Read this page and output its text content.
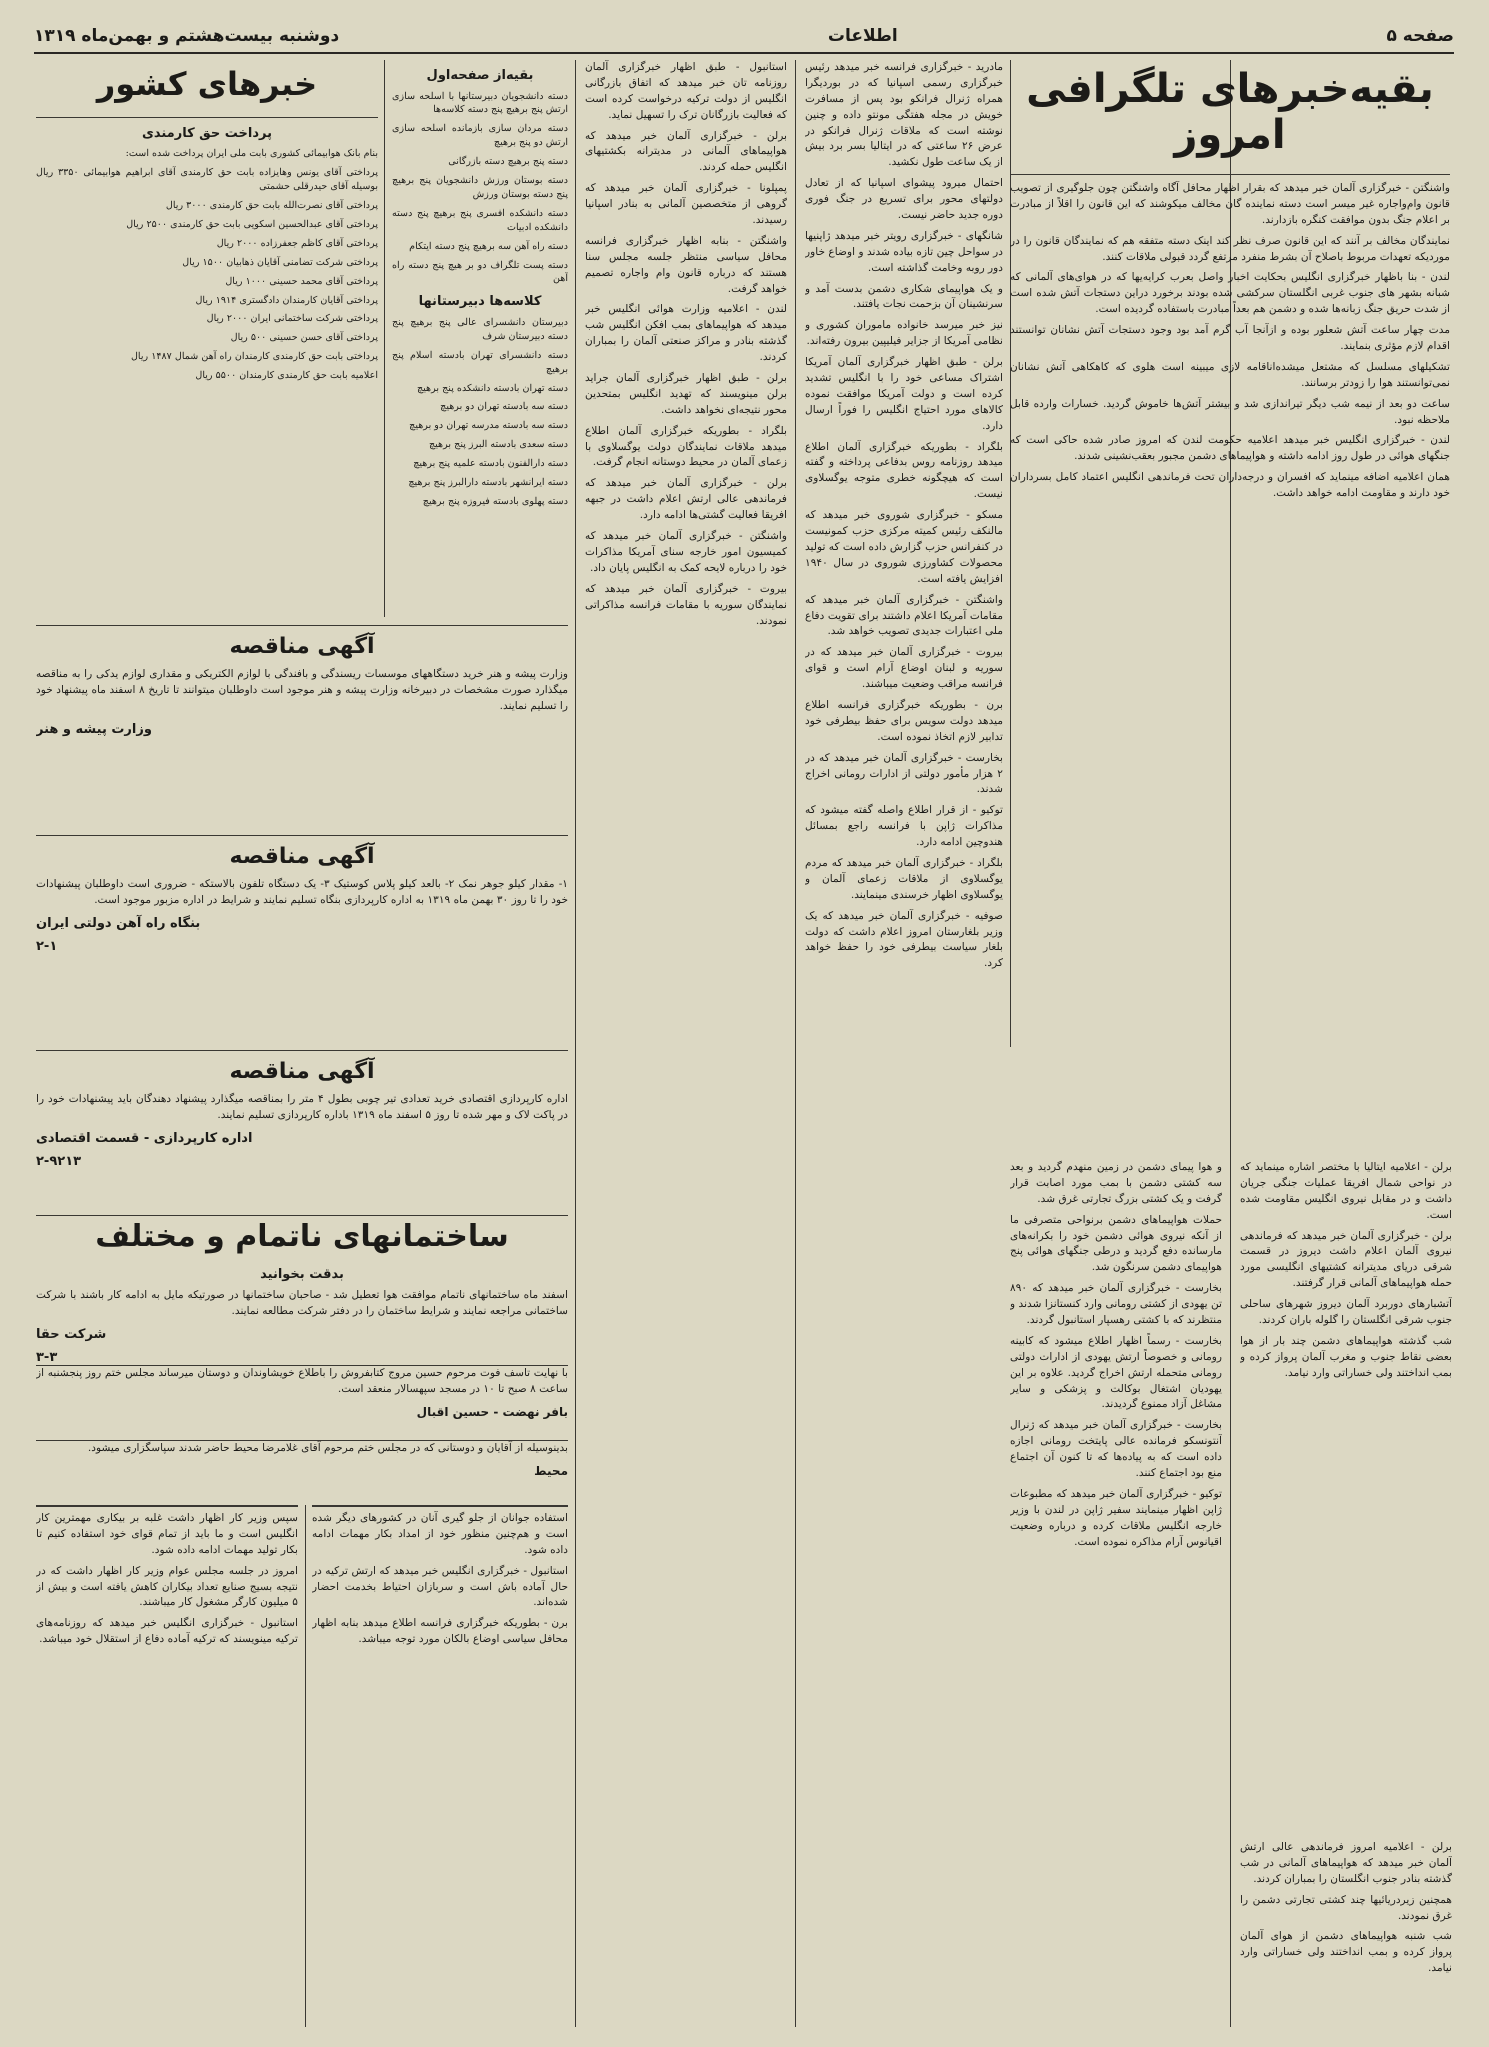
صفحه ۵
اطلاعات
دوشنبه بیست‌هشتم و بهمن‌ماه ۱۳۱۹
بقیه‌خبرهای تلگرافی امروز

واشنگتن - خبرگزاری آلمان خبر میدهد که بقرار اظهار محافل آگاه واشنگتن چون جلوگیری از تصویب قانون وام‌واجاره غیر میسر است دسته نماینده گان مخالف میکوشند که این قانون را اقلاً از مبادرت بر اعلام جنگ بدون موافقت کنگره بازدارند.

نمایندگان مخالف بر آنند که این قانون صرف نظر کند اینک دسته متفقه هم که نمایندگان قانون را در موردیکه تعهدات مربوط باصلاح آن بشرط منفرد مرتفع گردد قبولی ملاقات کنند.

لندن - بنا باظهار خبرگزاری انگلیس بحکایت اخبار واصل بعرب کرایه‌یها که در هوای‌های آلمانی که شبانه بشهر های جنوب غربی انگلستان سرکشی شده بودند برخورد دراین دستجات آتش شده است از شدت حریق جنگ زبانه‌ها شده و دشمن هم بعداً مبادرت باستفاده گردیده است.

مدت چهار ساعت آتش شعلور بوده و ازآنجا آب گرم آمد بود وجود دستجات آتش نشانان توانستند اقدام لازم مؤثری بنمایند.

تشکیلهای مسلسل که مشتعل میشده‌اناقامه لازی میبینه است هلوی که کاهکاهی آتش نشانان نمی‌توانستند هوا را زودتر برسانند.

ساعت دو بعد از نیمه شب دیگر تیراندازی شد و بیشتر آتش‌ها خاموش گردید. خسارات وارده قابل ملاحظه نبود.

لندن - خبرگزاری انگلیس خبر میدهد اعلامیه حکومت لندن که امروز صادر شده حاکی است که جنگهای هوائی در طول روز ادامه داشته و هواپیماهای دشمن مجبور بعقب‌نشینی شدند.

همان اعلامیه اضافه مینماید که افسران و درجه‌داران تحت فرماندهی انگلیس اعتماد کامل بسرداران خود دارند و مقاومت ادامه خواهد داشت.

برلن - اعلامیه ایتالیا با مختصر اشاره مینماید که در نواحی شمال افریقا عملیات جنگی جریان داشت و در مقابل نیروی انگلیس مقاومت شده است.

برلن - خبرگزاری آلمان خبر میدهد که فرماندهی نیروی آلمان اعلام داشت دیروز در قسمت شرقی دریای مدیترانه کشتیهای انگلیسی مورد حمله هواپیماهای آلمانی قرار گرفتند.

آتشبارهای دوربرد آلمان دیروز شهرهای ساحلی جنوب شرقی انگلستان را گلوله باران کردند.

شب گذشته هواپیماهای دشمن چند بار از هوا بعضی نقاط جنوب و مغرب آلمان پرواز کرده و بمب انداختند ولی خساراتی وارد نیامد.

و هوا پیمای دشمن در زمین منهدم گردید و بعد سه کشتی دشمن با بمب مورد اصابت قرار گرفت و یک کشتی بزرگ تجارتی غرق شد.

حملات هواپیماهای دشمن برنواحی متصرفی ما از آنکه نیروی هوائی دشمن خود را بکرانه‌های مارسانده دفع گردید و درطی جنگهای هوائی پنج هواپیمای دشمن سرنگون شد.

بخارست - خبرگزاری آلمان خبر میدهد که ۸۹۰ تن یهودی از کشتی رومانی وارد کنستانزا شدند و منتظرند که با کشتی رهسپار استانبول گردند.

بخارست - رسماً اظهار اطلاع میشود که کابینه رومانی و خصوصاً ارتش یهودی از ادارات دولتی رومانی متحمله ارتش اخراج گردید. علاوه بر این یهودیان اشتغال بوکالت و پزشکی و سایر مشاغل آزاد ممنوع گردیدند.

بخارست - خبرگزاری آلمان خبر میدهد که ژنرال آنتونسکو فرمانده عالی پایتخت رومانی اجازه داده است که به پیاده‌ها که تا کنون آن اجتماع منع بود اجتماع کنند.

توکیو - خبرگزاری آلمان خبر میدهد که مطبوعات ژاپن اظهار مینمایند سفیر ژاپن در لندن با وزیر خارجه انگلیس ملاقات کرده و درباره وضعیت اقیانوس آرام مذاکره نموده است.

مادرید - خبرگزاری فرانسه خبر میدهد رئیس خبرگزاری رسمی اسپانیا که در بوردیگرا همراه ژنرال فرانکو بود پس از مسافرت خویش در مجله هفتگی مونتو داده و چنین نوشته است که ملاقات ژنرال فرانکو در عرض ۲۶ ساعتی که در ایتالیا بسر برد بیش از یک ساعت طول نکشید.

احتمال میرود پیشوای اسپانیا که از تعادل دولتهای محور برای تسریع در جنگ فوری دوره جدید حاضر نیست.

شانگهای - خبرگزاری رویتر خبر میدهد ژاپنیها در سواحل چین تازه بیاده شدند و اوضاع خاور دور روبه وخامت گذاشته است.

و یک هواپیمای شکاری دشمن بدست آمد و سرنشینان آن بزحمت نجات یافتند.

نیز خبر میرسد خانواده ماموران کشوری و نظامی آمریکا از جزایر فیلیپین بیرون رفته‌اند.

برلن - طبق اظهار خبرگزاری آلمان آمریکا اشتراک مساعی خود را با انگلیس تشدید کرده است و دولت آمریکا موافقت نموده کالاهای مورد احتیاج انگلیس را فوراً ارسال دارد.

بلگراد - بطوریکه خبرگزاری آلمان اطلاع میدهد روزنامه روس بدفاعی پرداخته و گفته است که هیچگونه خطری متوجه یوگسلاوی نیست.

مسکو - خبرگزاری شوروی خبر میدهد که مالنکف رئیس کمیته مرکزی حزب کمونیست در کنفرانس حزب گزارش داده است که تولید محصولات کشاورزی شوروی در سال ۱۹۴۰ افزایش یافته است.

واشنگتن - خبرگزاری آلمان خبر میدهد که مقامات آمریکا اعلام داشتند برای تقویت دفاع ملی اعتبارات جدیدی تصویب خواهد شد.

بیروت - خبرگزاری آلمان خبر میدهد که در سوریه و لبنان اوضاع آرام است و قوای فرانسه مراقب وضعیت میباشند.

برن - بطوریکه خبرگزاری فرانسه اطلاع میدهد دولت سویس برای حفظ بیطرفی خود تدابیر لازم اتخاذ نموده است.

بخارست - خبرگزاری آلمان خبر میدهد که در ۲ هزار مأمور دولتی از ادارات رومانی اخراج شدند.

توکیو - از قرار اطلاع واصله گفته میشود که مذاکرات ژاپن با فرانسه راجع بمسائل هندوچین ادامه دارد.

بلگراد - خبرگزاری آلمان خبر میدهد که مردم یوگسلاوی از ملاقات زعمای آلمان و یوگسلاوی اظهار خرسندی مینمایند.

صوفیه - خبرگزاری آلمان خبر میدهد که یک وزیر بلغارستان امروز اعلام داشت که دولت بلغار سیاست بیطرفی خود را حفظ خواهد کرد.

استانبول - طبق اظهار خبرگزاری آلمان روزنامه تان خبر میدهد که اتفاق بازرگانی انگلیس از دولت ترکیه درخواست کرده است که فعالیت بازرگانان ترک را تسهیل نماید.

برلن - خبرگزاری آلمان خبر میدهد که هواپیماهای آلمانی در مدیترانه بکشتیهای انگلیس حمله کردند.

پمپلونا - خبرگزاری آلمان خبر میدهد که گروهی از متخصصین آلمانی به بنادر اسپانیا رسیدند.

واشنگتن - بنابه اظهار خبرگزاری فرانسه محافل سیاسی منتظر جلسه مجلس سنا هستند که درباره قانون وام واجاره تصمیم خواهد گرفت.

لندن - اعلامیه وزارت هوائی انگلیس خبر میدهد که هواپیماهای بمب افکن انگلیس شب گذشته بنادر و مراکز صنعتی آلمان را بمباران کردند.

برلن - طبق اظهار خبرگزاری آلمان جراید برلن مینویسند که تهدید انگلیس بمتحدین محور نتیجه‌ای نخواهد داشت.

بلگراد - بطوریکه خبرگزاری آلمان اطلاع میدهد ملاقات نمایندگان دولت یوگسلاوی با زعمای آلمان در محیط دوستانه انجام گرفت.

برلن - خبرگزاری آلمان خبر میدهد که فرماندهی عالی ارتش اعلام داشت در جبهه افریقا فعالیت گشتی‌ها ادامه دارد.

واشنگتن - خبرگزاری آلمان خبر میدهد که کمیسیون امور خارجه سنای آمریکا مذاکرات خود را درباره لایحه کمک به انگلیس پایان داد.

بیروت - خبرگزاری آلمان خبر میدهد که نمایندگان سوریه با مقامات فرانسه مذاکراتی نمودند.

بقیه‌از صفحه‌اول

دسته دانشجویان دبیرستانها با اسلحه سازی ارتش پنج برهیچ پنج دسته کلاسه‌ها

دسته مردان سازی بازمانده اسلحه سازی ارتش دو پنج برهیچ

دسته پنج برهیچ دسته بازرگانی

دسته بوستان ورزش دانشجویان پنج برهیچ پنج دسته بوستان ورزش

دسته دانشکده افسری پنج برهیچ پنج دسته دانشکده ادبیات

دسته راه آهن سه برهیچ پنج دسته ایتکام

دسته پست تلگراف دو بر هیچ پنج دسته راه آهن

کلاسه‌ها دبیرستانها

دبیرستان دانشسرای عالی پنج برهیچ پنج دسته دبیرستان شرف

دسته دانشسرای تهران بادسته اسلام پنج برهیچ

دسته تهران بادسته دانشکده پنج برهیچ

دسته سه بادسته تهران دو برهیچ

دسته سه بادسته مدرسه تهران دو برهیچ

دسته سعدی بادسته البرز پنج برهیچ

دسته دارالفنون بادسته علمیه پنج برهیچ

دسته ایرانشهر بادسته دارالبرز پنج برهیچ

دسته پهلوی بادسته فیروزه پنج برهیچ

خبرهای کشور
پرداخت حق کارمندی

بنام بانک هوابیمائی کشوری بابت ملی ایران پرداخت شده است:

پرداختی آقای یونس وهایزاده بابت حق کارمندی آقای ابراهیم هوابیمائی ۳۳۵۰ ریال بوسیله آقای حیدرقلی حشمتی

پرداختی آقای نصرت‌الله بابت حق کارمندی ۳۰۰۰ ریال

پرداختی آقای عبدالحسین اسکویی بابت حق کارمندی ۲۵۰۰ ریال

پرداختی آقای کاظم جعفرزاده ۲۰۰۰ ریال

پرداختی شرکت تضامنی آقایان ذهابیان ۱۵۰۰ ریال

پرداختی آقای محمد حسینی ۱۰۰۰ ریال

پرداختی آقایان کارمندان دادگستری ۱۹۱۴ ریال

پرداختی شرکت ساختمانی ایران ۲۰۰۰ ریال

پرداختی آقای حسن حسینی ۵۰۰ ریال

پرداختی بابت حق کارمندی کارمندان راه آهن شمال ۱۴۸۷ ریال

اعلامیه بابت حق کارمندی کارمندان ۵۵۰۰ ریال

آگهی مناقصه

وزارت پیشه و هنر خرید دستگاههای موسسات ریسندگی و بافندگی با لوازم الکتریکی و مقداری لوازم یدکی را به مناقصه میگذارد صورت مشخصات در دبیرخانه وزارت پیشه و هنر موجود است داوطلبان میتوانند تا تاریخ ۸ اسفند ماه پیشنهاد خود را تسلیم نمایند.

وزارت پیشه و هنر
آگهی مناقصه

۱- مقدار کیلو جوهر نمک ۲- بالعد کیلو پلاس کوستیک ۳- یک دستگاه تلفون بالاستکه - ضروری است داوطلبان پیشنهادات خود را تا روز ۳۰ بهمن ماه ۱۳۱۹ به اداره کارپردازی بنگاه تسلیم نمایند و شرایط در اداره مزبور موجود است.

بنگاه راه آهن دولتی ایران
۲-۱
آگهی مناقصه

اداره کارپردازی اقتصادی خرید تعدادی تیر چوبی بطول ۴ متر را بمناقصه میگذارد پیشنهاد دهندگان باید پیشنهادات خود را در پاکت لاک و مهر شده تا روز ۵ اسفند ماه ۱۳۱۹ باداره کارپردازی تسلیم نمایند.

اداره کارپردازی - قسمت اقتصادی
۲-۹۲۱۳
ساختمانهای ناتمام و مختلف
بدقت بخوانید

اسفند ماه ساختمانهای ناتمام موافقت هوا تعطیل شد - صاحبان ساختمانها در صورتیکه مایل به ادامه کار باشند با شرکت ساختمانی مراجعه نمایند و شرایط ساختمان را در دفتر شرکت مطالعه نمایند.

شرکت حقا
۳-۳

با نهایت تاسف فوت مرحوم حسین مروج کتابفروش را باطلاع خویشاوندان و دوستان میرساند مجلس ختم روز پنجشنبه از ساعت ۸ صبح تا ۱۰ در مسجد سپهسالار منعقد است.

بافر نهضت - حسین اقبال

بدینوسیله از آقایان و دوستانی که در مجلس ختم مرحوم آقای غلامرضا محیط حاضر شدند سپاسگزاری میشود.

محیط

سپس وزیر کار اظهار داشت غلبه بر بیکاری مهمترین کار انگلیس است و ما باید از تمام قوای خود استفاده کنیم تا بکار تولید مهمات ادامه داده شود.

امروز در جلسه مجلس عوام وزیر کار اظهار داشت که در نتیجه بسیج صنایع تعداد بیکاران کاهش یافته است و بیش از ۵ میلیون کارگر مشغول کار میباشند.

استانبول - خبرگزاری انگلیس خبر میدهد که روزنامه‌های ترکیه مینویسند که ترکیه آماده دفاع از استقلال خود میباشد.

استفاده جوانان از جلو گیری آنان در کشورهای دیگر شده است و هم‌چنین منظور خود از امداد بکار مهمات ادامه داده شود.

استانبول - خبرگزاری انگلیس خبر میدهد که ارتش ترکیه در حال آماده باش است و سربازان احتیاط بخدمت احضار شده‌اند.

برن - بطوریکه خبرگزاری فرانسه اطلاع میدهد بنابه اظهار محافل سیاسی اوضاع بالکان مورد توجه میباشد.

برلن - اعلامیه امروز فرماندهی عالی ارتش آلمان خبر میدهد که هواپیماهای آلمانی در شب گذشته بنادر جنوب انگلستان را بمباران کردند.

همچنین زیردریائیها چند کشتی تجارتی دشمن را غرق نمودند.

شب شنبه هواپیماهای دشمن از هوای آلمان پرواز کرده و بمب انداختند ولی خساراتی وارد نیامد.
